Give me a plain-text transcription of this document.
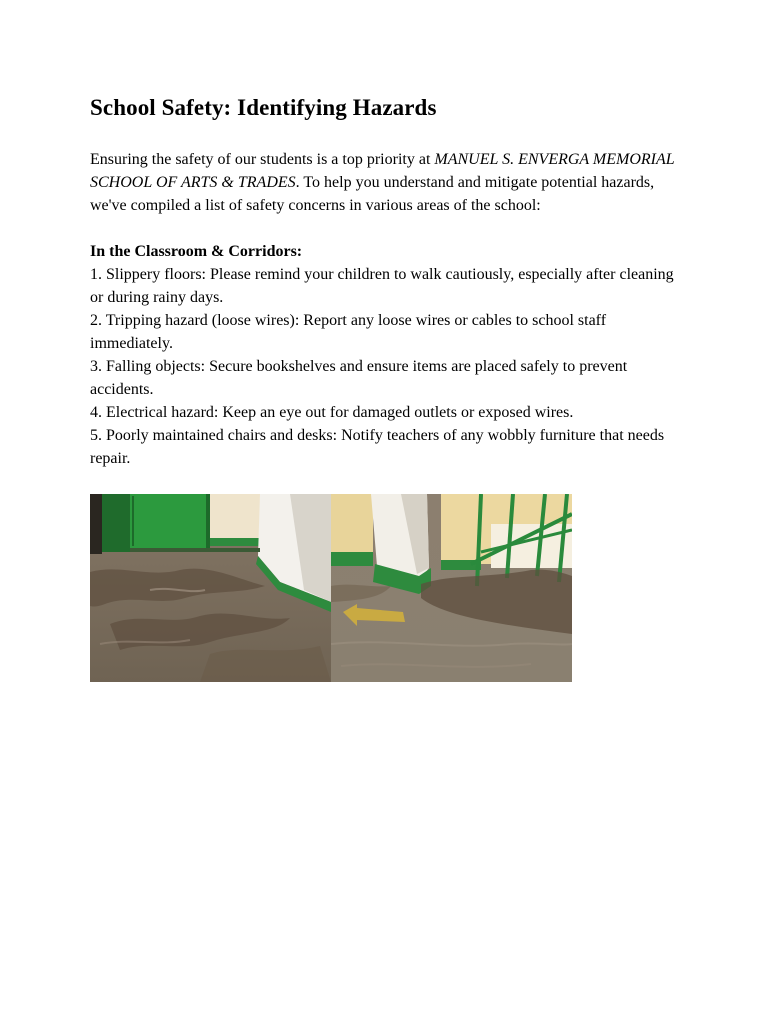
School Safety: Identifying Hazards

Ensuring the safety of our students is a top priority at MANUEL S. ENVERGA MEMORIAL SCHOOL OF ARTS & TRADES. To help you understand and mitigate potential hazards, we've compiled a list of safety concerns in various areas of the school:

In the Classroom & Corridors:
1. Slippery floors: Please remind your children to walk cautiously, especially after cleaning or during rainy days.
2. Tripping hazard (loose wires): Report any loose wires or cables to school staff immediately.
3. Falling objects: Secure bookshelves and ensure items are placed safely to prevent accidents.
4. Electrical hazard: Keep an eye out for damaged outlets or exposed wires.
5. Poorly maintained chairs and desks: Notify teachers of any wobbly furniture that needs repair.
